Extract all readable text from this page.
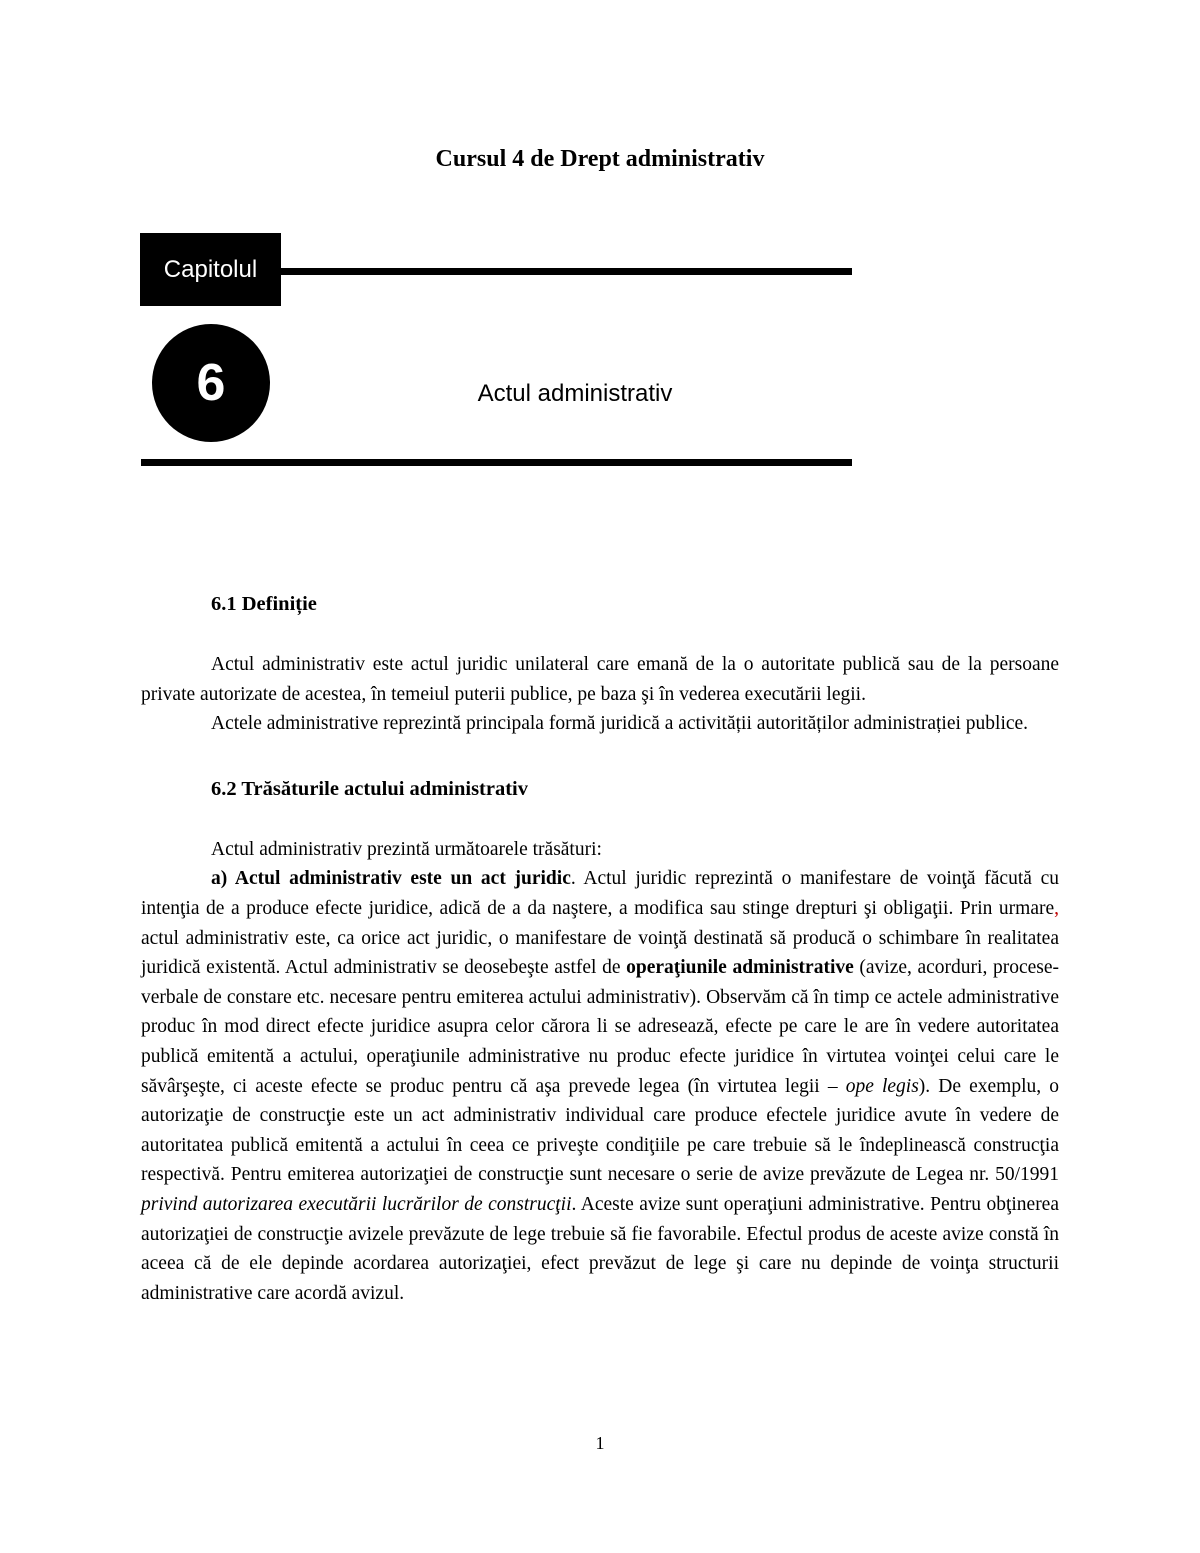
Cursul 4 de Drept administrativ
Capitolul
6	Actul administrativ
6.1 Definiție

Actul administrativ este actul juridic unilateral care emană de la o autoritate publică sau de la persoane private autorizate de acestea, în temeiul puterii publice, pe baza şi în vederea executării legii.

Actele administrative reprezintă principala formă juridică a activității autorităților administrației publice.

6.2 Trăsăturile actului administrativ

Actul administrativ prezintă următoarele trăsături:

a) Actul administrativ este un act juridic. Actul juridic reprezintă o manifestare de voinţă făcută cu intenţia de a produce efecte juridice, adică de a da naştere, a modifica sau stinge drepturi şi obligaţii. Prin urmare, actul administrativ este, ca orice act juridic, o manifestare de voinţă destinată să producă o schimbare în realitatea juridică existentă. Actul administrativ se deosebeşte astfel de operaţiunile administrative (avize, acorduri, procese-verbale de constare etc. necesare pentru emiterea actului administrativ). Observăm că în timp ce actele administrative produc în mod direct efecte juridice asupra celor cărora li se adresează, efecte pe care le are în vedere autoritatea publică emitentă a actului, operaţiunile administrative nu produc efecte juridice în virtutea voinţei celui care le săvârşeşte, ci aceste efecte se produc pentru că aşa prevede legea (în virtutea legii – ope legis). De exemplu, o autorizaţie de construcţie este un act administrativ individual care produce efectele juridice avute în vedere de autoritatea publică emitentă a actului în ceea ce priveşte condiţiile pe care trebuie să le îndeplinească construcţia respectivă. Pentru emiterea autorizaţiei de construcţie sunt necesare o serie de avize prevăzute de Legea nr. 50/1991 privind autorizarea executării lucrărilor de construcţii. Aceste avize sunt operaţiuni administrative. Pentru obţinerea autorizaţiei de construcţie avizele prevăzute de lege trebuie să fie favorabile. Efectul produs de aceste avize constă în aceea că de ele depinde acordarea autorizaţiei, efect prevăzut de lege şi care nu depinde de voinţa structurii administrative care acordă avizul.

1
